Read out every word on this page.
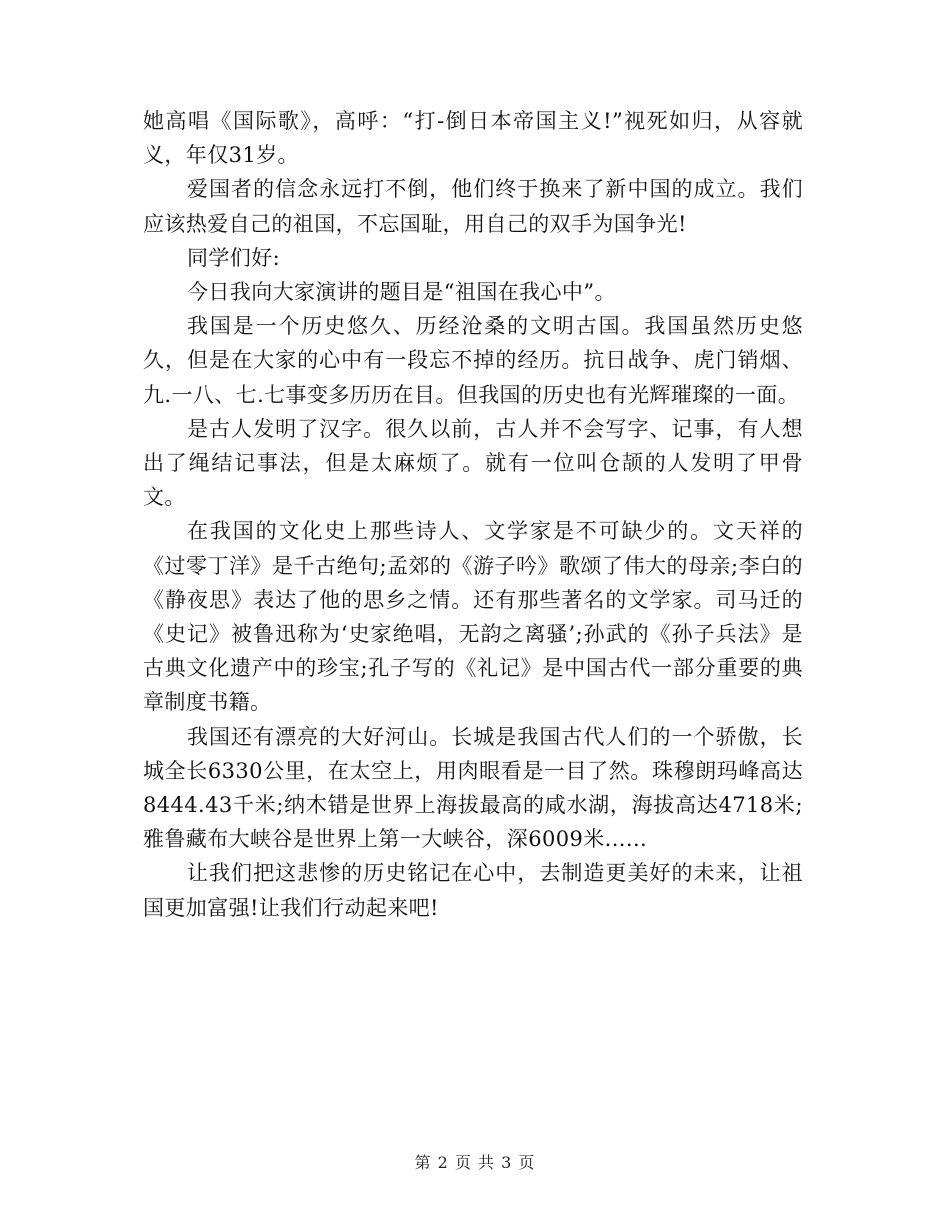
她高唱《国际歌》，高呼：“打-倒日本帝国主义!”视死如归，从容就义，年仅31岁。

爱国者的信念永远打不倒，他们终于换来了新中国的成立。我们应该热爱自己的祖国，不忘国耻，用自己的双手为国争光!

同学们好:

今日我向大家演讲的题目是“祖国在我心中”。

我国是一个历史悠久、历经沧桑的文明古国。我国虽然历史悠久，但是在大家的心中有一段忘不掉的经历。抗日战争、虎门销烟、九.一八、七.七事变多历历在目。但我国的历史也有光辉璀璨的一面。

是古人发明了汉字。很久以前，古人并不会写字、记事，有人想出了绳结记事法，但是太麻烦了。就有一位叫仓颉的人发明了甲骨文。

在我国的文化史上那些诗人、文学家是不可缺少的。文天祥的《过零丁洋》是千古绝句;孟郊的《游子吟》歌颂了伟大的母亲;李白的《静夜思》表达了他的思乡之情。还有那些著名的文学家。司马迁的《史记》被鲁迅称为‘史家绝唱，无韵之离骚’;孙武的《孙子兵法》是古典文化遗产中的珍宝;孔子写的《礼记》是中国古代一部分重要的典章制度书籍。

我国还有漂亮的大好河山。长城是我国古代人们的一个骄傲，长城全长6330公里，在太空上，用肉眼看是一目了然。珠穆朗玛峰高达8444.43千米;纳木错是世界上海拔最高的咸水湖，海拔高达4718米;雅鲁藏布大峡谷是世界上第一大峡谷，深6009米......

让我们把这悲惨的历史铭记在心中，去制造更美好的未来，让祖国更加富强!让我们行动起来吧!

第 2 页 共 3 页
